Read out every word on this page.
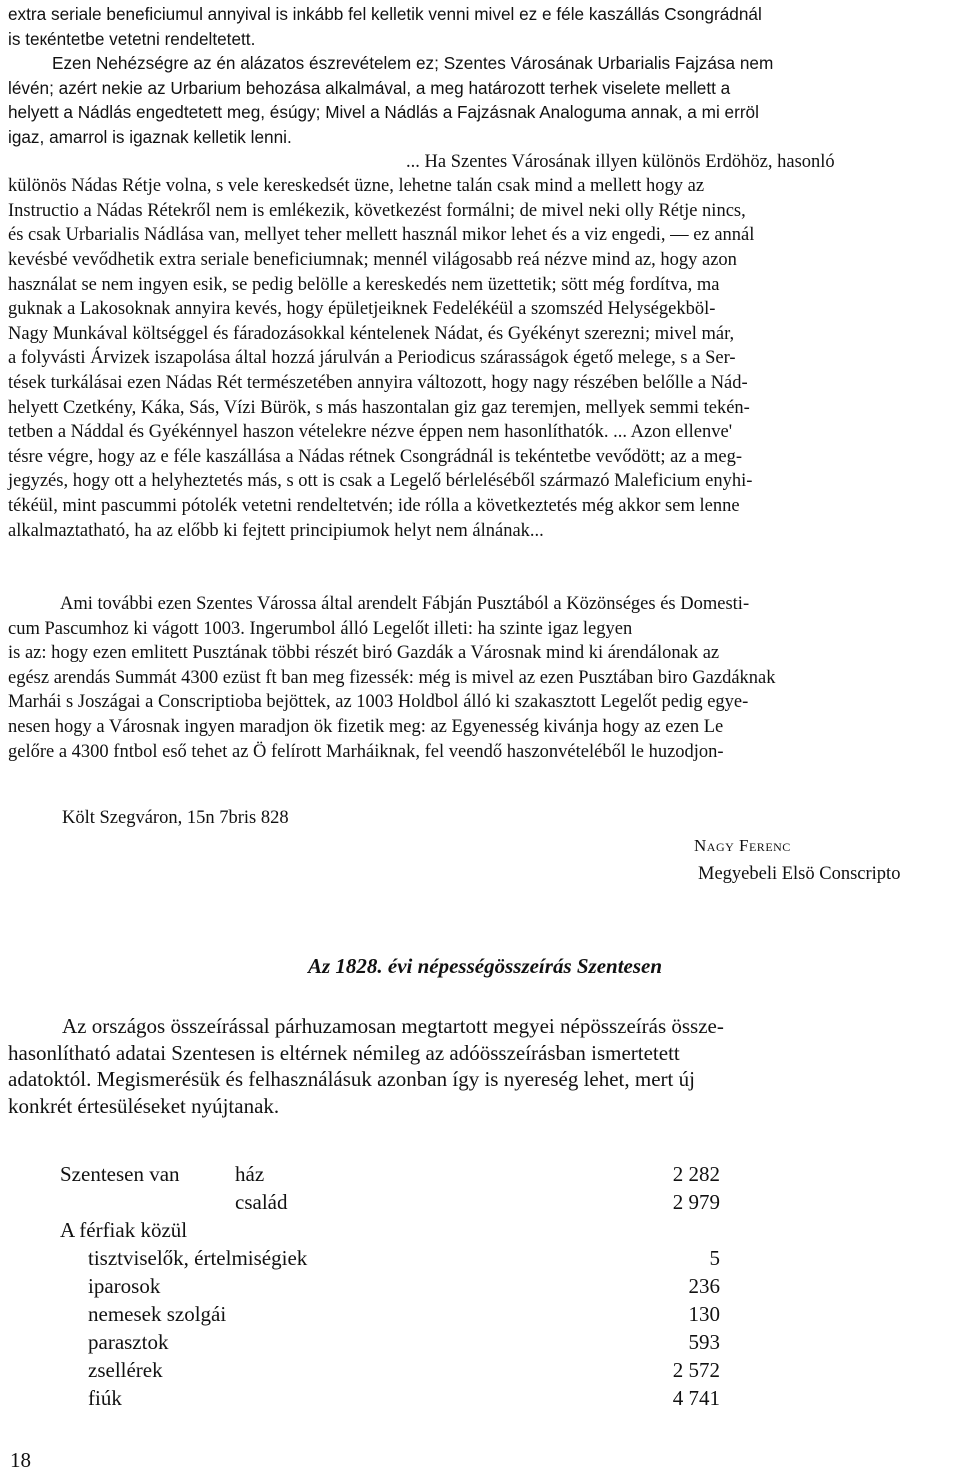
extra seriale beneficiumul annyival is inkább fel kelletik venni mivel ez e féle kaszállás Csongrádnál
is teкéntetbe vetetni rendeltetett.
Ezen Nehézségre az én alázatos észrevételem ez; Szentes Városának Urbarialis Fajzása nem
lévén; azért nekie az Urbarium behozása alkalmával, a meg határozott terhek viselete mellett a
helyett a Nádlás engedtetett meg, ésúgy; Mivel a Nádlás a Fajzásnak Analoguma annak, a mi erröl
igaz, amarrol is igaznak kelletik lenni.

... Ha Szentes Városának illyen különös Erdöhöz, hasonló

különös Nádas Rétje volna, s vele kereskedsét üzne, lehetne talán csak mind a mellett hogy az
Instructio a Nádas Rétekről nem is emlékezik, következést formálni; de mivel neki olly Rétje nincs,
és csak Urbarialis Nádlása van, mellyet teher mellett használ mikor lehet és a viz engedi, — ez annál
kevésbé vevődhetik extra seriale beneficiumnak; mennél világosabb reá nézve mind az, hogy azon
használat se nem ingyen esik, se pedig belölle a kereskedés nem üzettetik; sött még fordítva, ma
guknak a Lakosoknak annyira kevés, hogy épületjeiknek Fedelékéül a szomszéd Helységekböl-
Nagy Munkával költséggel és fáradozásokkal kéntelenek Nádat, és Gyékényt szerezni; mivel már,
a folyvásti Árvizek iszapolása által hozzá járulván a Periodicus szárasságok égető melege, s a Ser-
tések turkálásai ezen Nádas Rét természetében annyira változott, hogy nagy részében belőlle a Nád-
helyett Czetkény, Káka, Sás, Vízi Bürök, s más haszontalan giz gaz teremjen, mellyek semmi tekén-
tetben a Náddal és Gyékénnyel haszon vételekre nézve éppen nem hasonlíthatók. ... Azon ellenve'
tésre végre, hogy az e féle kaszállása a Nádas rétnek Csongrádnál is tekéntetbe vevődött; az a meg-
jegyzés, hogy ott a helyheztetés más, s ott is csak a Legelő bérleléséből származó Maleficium enyhi-
tékéül, mint pascummi pótolék vetetni rendeltetvén; ide rólla a következtetés még akkor sem lenne
alkalmaztatható, ha az előbb ki fejtett principiumok helyt nem álnának...

Ami további ezen Szentes Várossa által arendelt Fábján Pusztából a Közönséges és Domesti-
cum Pascumhoz ki vágott 1003. Ingerumbol álló Legelőt illeti: ha szinte igaz legyen
is az: hogy ezen emlitett Pusztának többi részét biró Gazdák a Városnak mind ki árendálonak az
egész arendás Summát 4300 ezüst ft ban meg fizessék: még is mivel az ezen Pusztában biro Gazdáknak
Marhái s Joszágai a Conscriptioba bejöttek, az 1003 Holdbol álló ki szakasztott Legelőt pedig egye-
nesen hogy a Városnak ingyen maradjon ök fizetik meg: az Egyenesség kivánja hogy az ezen Le
gelőre a 4300 fntbol eső tehet az Ö felírott Marháiknak, fel veendő haszonvételéből le huzodjon-

Költ Szegváron, 15n 7bris 828

Nagy Ferenc

Megyebeli Elsö Conscripto

Az 1828. évi népességösszeírás Szentesen

Az országos összeírással párhuzamosan megtartott megyei népösszeírás össze-
hasonlítható adatai Szentesen is eltérnek némileg az adóösszeírásban ismertetett
adatoktól. Megismerésük és felhasználásuk azonban így is nyereség lehet, mert új
konkrét értesüléseket nyújtanak.

Szentesen van	ház	2 282
család	2 979
A férfiak közül
tisztviselők, értelmiségiek	5
iparosok	236
nemesek szolgái	130
parasztok	593
zsellérek	2 572
fiúk	4 741

18
